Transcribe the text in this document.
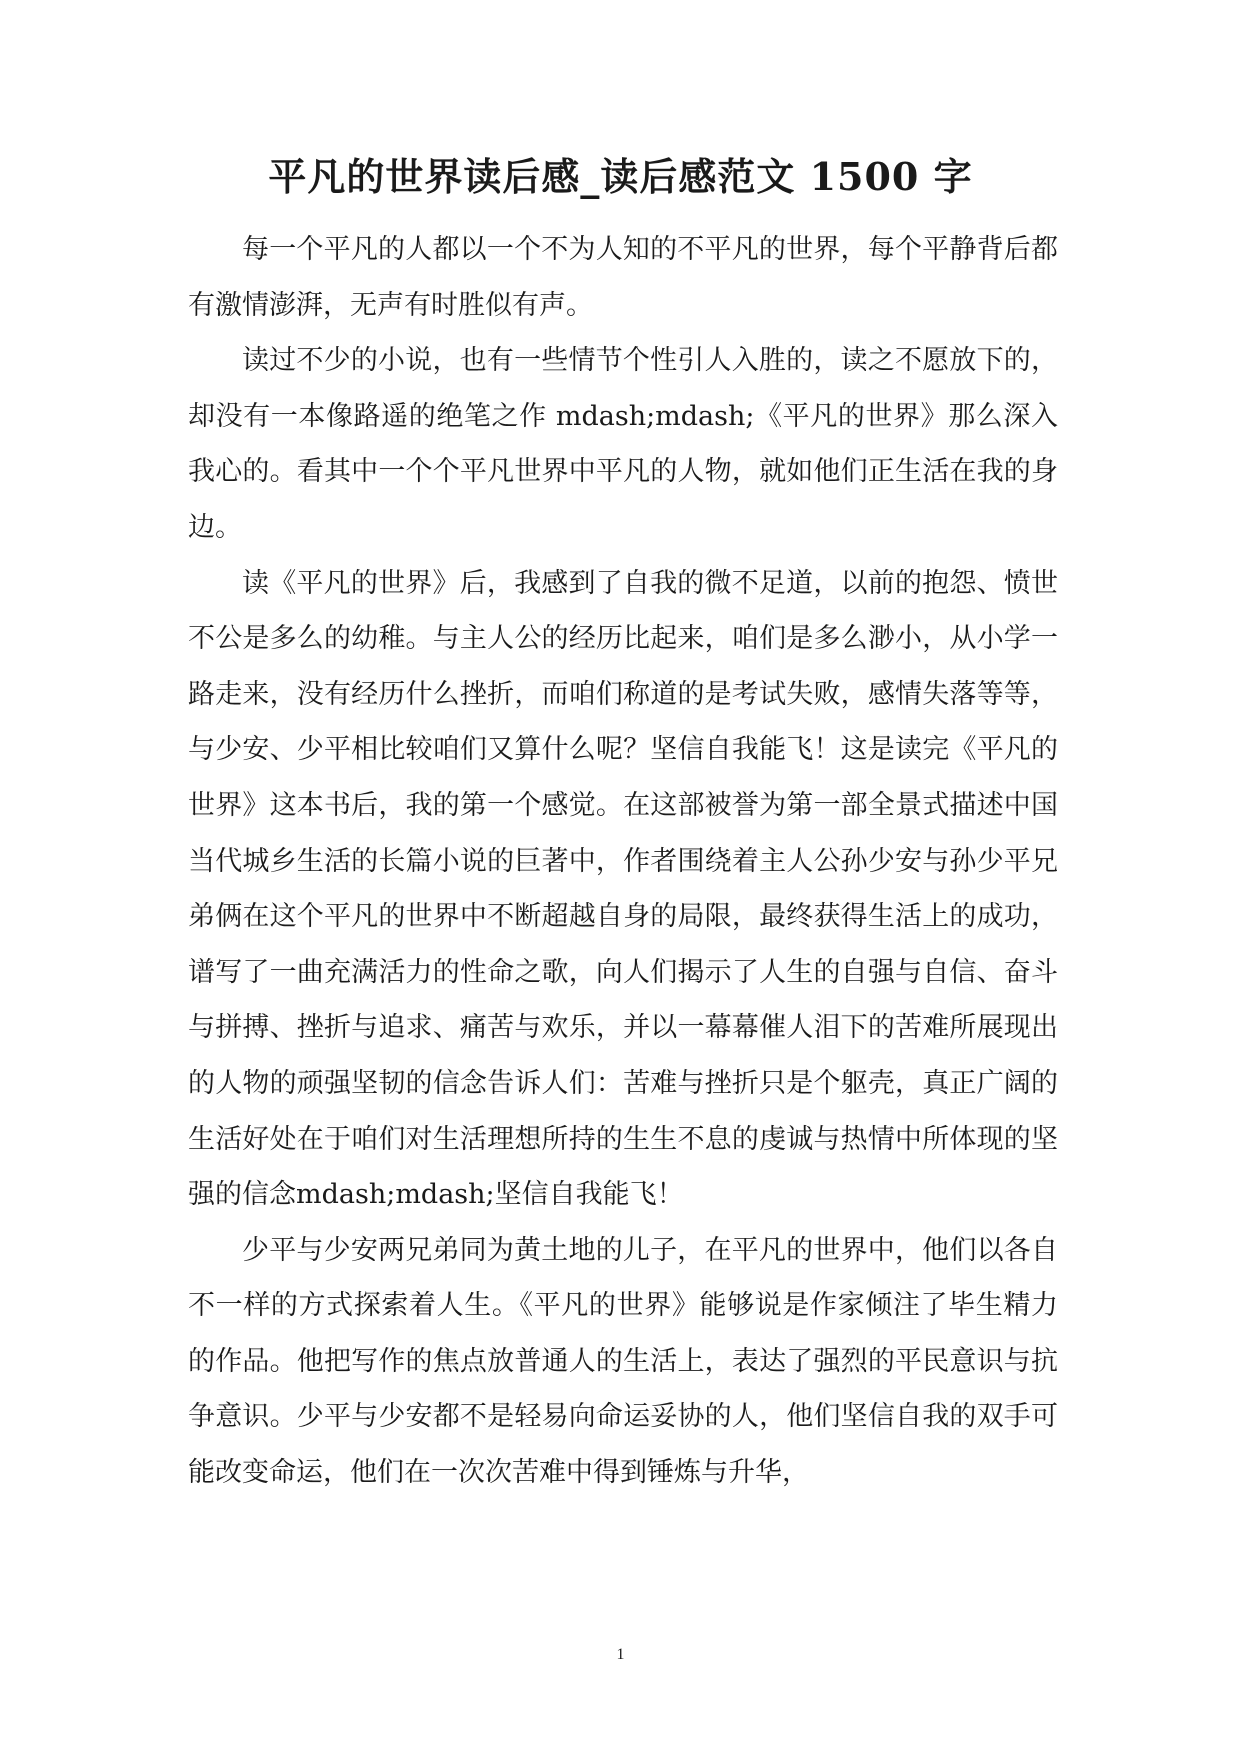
平凡的世界读后感_读后感范文 1500 字

每一个平凡的人都以一个不为人知的不平凡的世界，每个平静背后都有激情澎湃，无声有时胜似有声。

读过不少的小说，也有一些情节个性引人入胜的，读之不愿放下的，却没有一本像路遥的绝笔之作 mdash;mdash;《平凡的世界》那么深入我心的。看其中一个个平凡世界中平凡的人物，就如他们正生活在我的身边。

读《平凡的世界》后，我感到了自我的微不足道，以前的抱怨、愤世不公是多么的幼稚。与主人公的经历比起来，咱们是多么渺小，从小学一路走来，没有经历什么挫折，而咱们称道的是考试失败，感情失落等等，与少安、少平相比较咱们又算什么呢？坚信自我能飞！这是读完《平凡的世界》这本书后，我的第一个感觉。在这部被誉为第一部全景式描述中国当代城乡生活的长篇小说的巨著中，作者围绕着主人公孙少安与孙少平兄弟俩在这个平凡的世界中不断超越自身的局限，最终获得生活上的成功，谱写了一曲充满活力的性命之歌，向人们揭示了人生的自强与自信、奋斗与拼搏、挫折与追求、痛苦与欢乐，并以一幕幕催人泪下的苦难所展现出的人物的顽强坚韧的信念告诉人们：苦难与挫折只是个躯壳，真正广阔的生活好处在于咱们对生活理想所持的生生不息的虔诚与热情中所体现的坚强的信念mdash;mdash;坚信自我能飞！

少平与少安两兄弟同为黄土地的儿子，在平凡的世界中，他们以各自不一样的方式探索着人生。《平凡的世界》能够说是作家倾注了毕生精力的作品。他把写作的焦点放普通人的生活上，表达了强烈的平民意识与抗争意识。少平与少安都不是轻易向命运妥协的人，他们坚信自我的双手可能改变命运，他们在一次次苦难中得到锤炼与升华，

1
